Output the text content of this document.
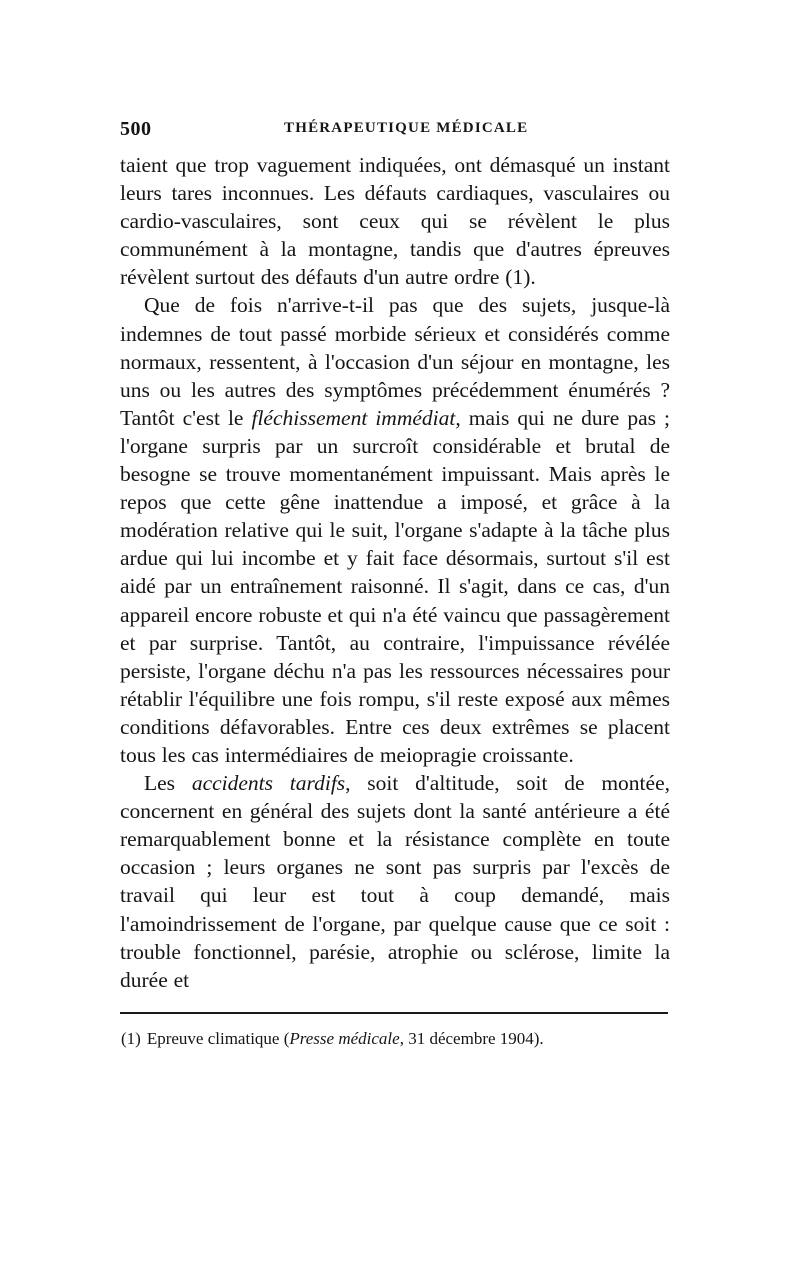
500	THÉRAPEUTIQUE MÉDICALE

taient que trop vaguement indiquées, ont démasqué un instant leurs tares inconnues. Les défauts cardiaques, vasculaires ou cardio-vasculaires, sont ceux qui se révèlent le plus communément à la montagne, tandis que d'autres épreuves révèlent surtout des défauts d'un autre ordre (1).

Que de fois n'arrive-t-il pas que des sujets, jusque-là indemnes de tout passé morbide sérieux et considérés comme normaux, ressentent, à l'occasion d'un séjour en montagne, les uns ou les autres des symptômes précédemment énumérés ? Tantôt c'est le fléchissement immédiat, mais qui ne dure pas ; l'organe surpris par un surcroît considérable et brutal de besogne se trouve momentanément impuissant. Mais après le repos que cette gêne inattendue a imposé, et grâce à la modération relative qui le suit, l'organe s'adapte à la tâche plus ardue qui lui incombe et y fait face désormais, surtout s'il est aidé par un entraînement raisonné. Il s'agit, dans ce cas, d'un appareil encore robuste et qui n'a été vaincu que passagèrement et par surprise. Tantôt, au contraire, l'impuissance révélée persiste, l'organe déchu n'a pas les ressources nécessaires pour rétablir l'équilibre une fois rompu, s'il reste exposé aux mêmes conditions défavorables. Entre ces deux extrêmes se placent tous les cas intermédiaires de meiopragie croissante.

Les accidents tardifs, soit d'altitude, soit de montée, concernent en général des sujets dont la santé antérieure a été remarquablement bonne et la résistance complète en toute occasion ; leurs organes ne sont pas surpris par l'excès de travail qui leur est tout à coup demandé, mais l'amoindrissement de l'organe, par quelque cause que ce soit : trouble fonctionnel, parésie, atrophie ou sclérose, limite la durée et

(1) Epreuve climatique (Presse médicale, 31 décembre 1904).
